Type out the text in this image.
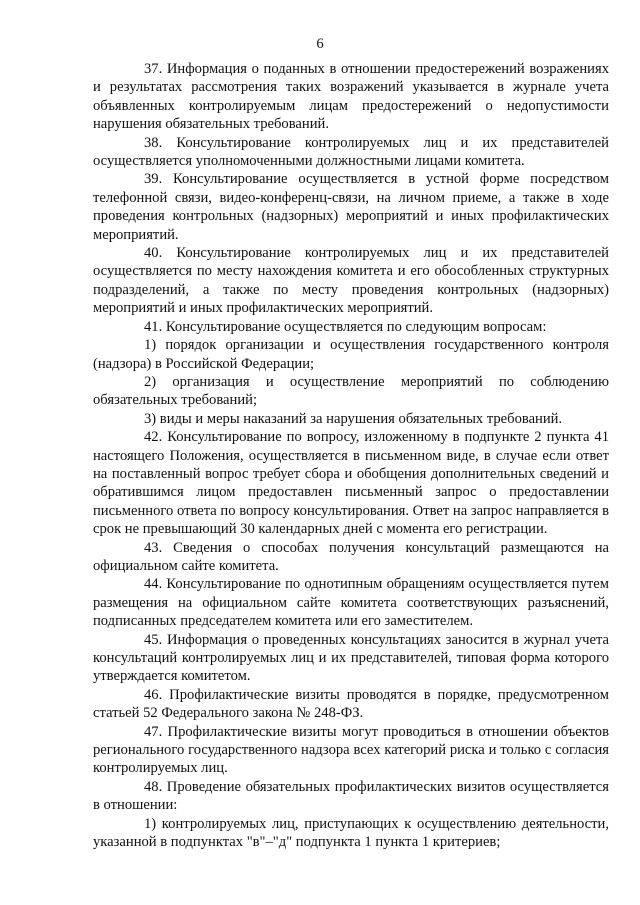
6

37. Информация о поданных в отношении предостережений возражениях и результатах рассмотрения таких возражений указывается в журнале учета объявленных контролируемым лицам предостережений о недопустимости нарушения обязательных требований.

38. Консультирование контролируемых лиц и их представителей осуществляется уполномоченными должностными лицами комитета.

39. Консультирование осуществляется в устной форме посредством телефонной связи, видео-конференц-связи, на личном приеме, а также в ходе проведения контрольных (надзорных) мероприятий и иных профилактических мероприятий.

40. Консультирование контролируемых лиц и их представителей осуществляется по месту нахождения комитета и его обособленных структурных подразделений, а также по месту проведения контрольных (надзорных) мероприятий и иных профилактических мероприятий.

41. Консультирование осуществляется по следующим вопросам:

1) порядок организации и осуществления государственного контроля (надзора) в Российской Федерации;

2) организация и осуществление мероприятий по соблюдению обязательных требований;

3) виды и меры наказаний за нарушения обязательных требований.

42. Консультирование по вопросу, изложенному в подпункте 2 пункта 41 настоящего Положения, осуществляется в письменном виде, в случае если ответ на поставленный вопрос требует сбора и обобщения дополнительных сведений и обратившимся лицом предоставлен письменный запрос о предоставлении письменного ответа по вопросу консультирования. Ответ на запрос направляется в срок не превышающий 30 календарных дней с момента его регистрации.

43. Сведения о способах получения консультаций размещаются на официальном сайте комитета.

44. Консультирование по однотипным обращениям осуществляется путем размещения на официальном сайте комитета соответствующих разъяснений, подписанных председателем комитета или его заместителем.

45. Информация о проведенных консультациях заносится в журнал учета консультаций контролируемых лиц и их представителей, типовая форма которого утверждается комитетом.

46. Профилактические визиты проводятся в порядке, предусмотренном статьей 52 Федерального закона № 248-ФЗ.

47. Профилактические визиты могут проводиться в отношении объектов регионального государственного надзора всех категорий риска и только с согласия контролируемых лиц.

48. Проведение обязательных профилактических визитов осуществляется в отношении:

1) контролируемых лиц, приступающих к осуществлению деятельности, указанной в подпунктах "в"–"д" подпункта 1 пункта 1 критериев;
